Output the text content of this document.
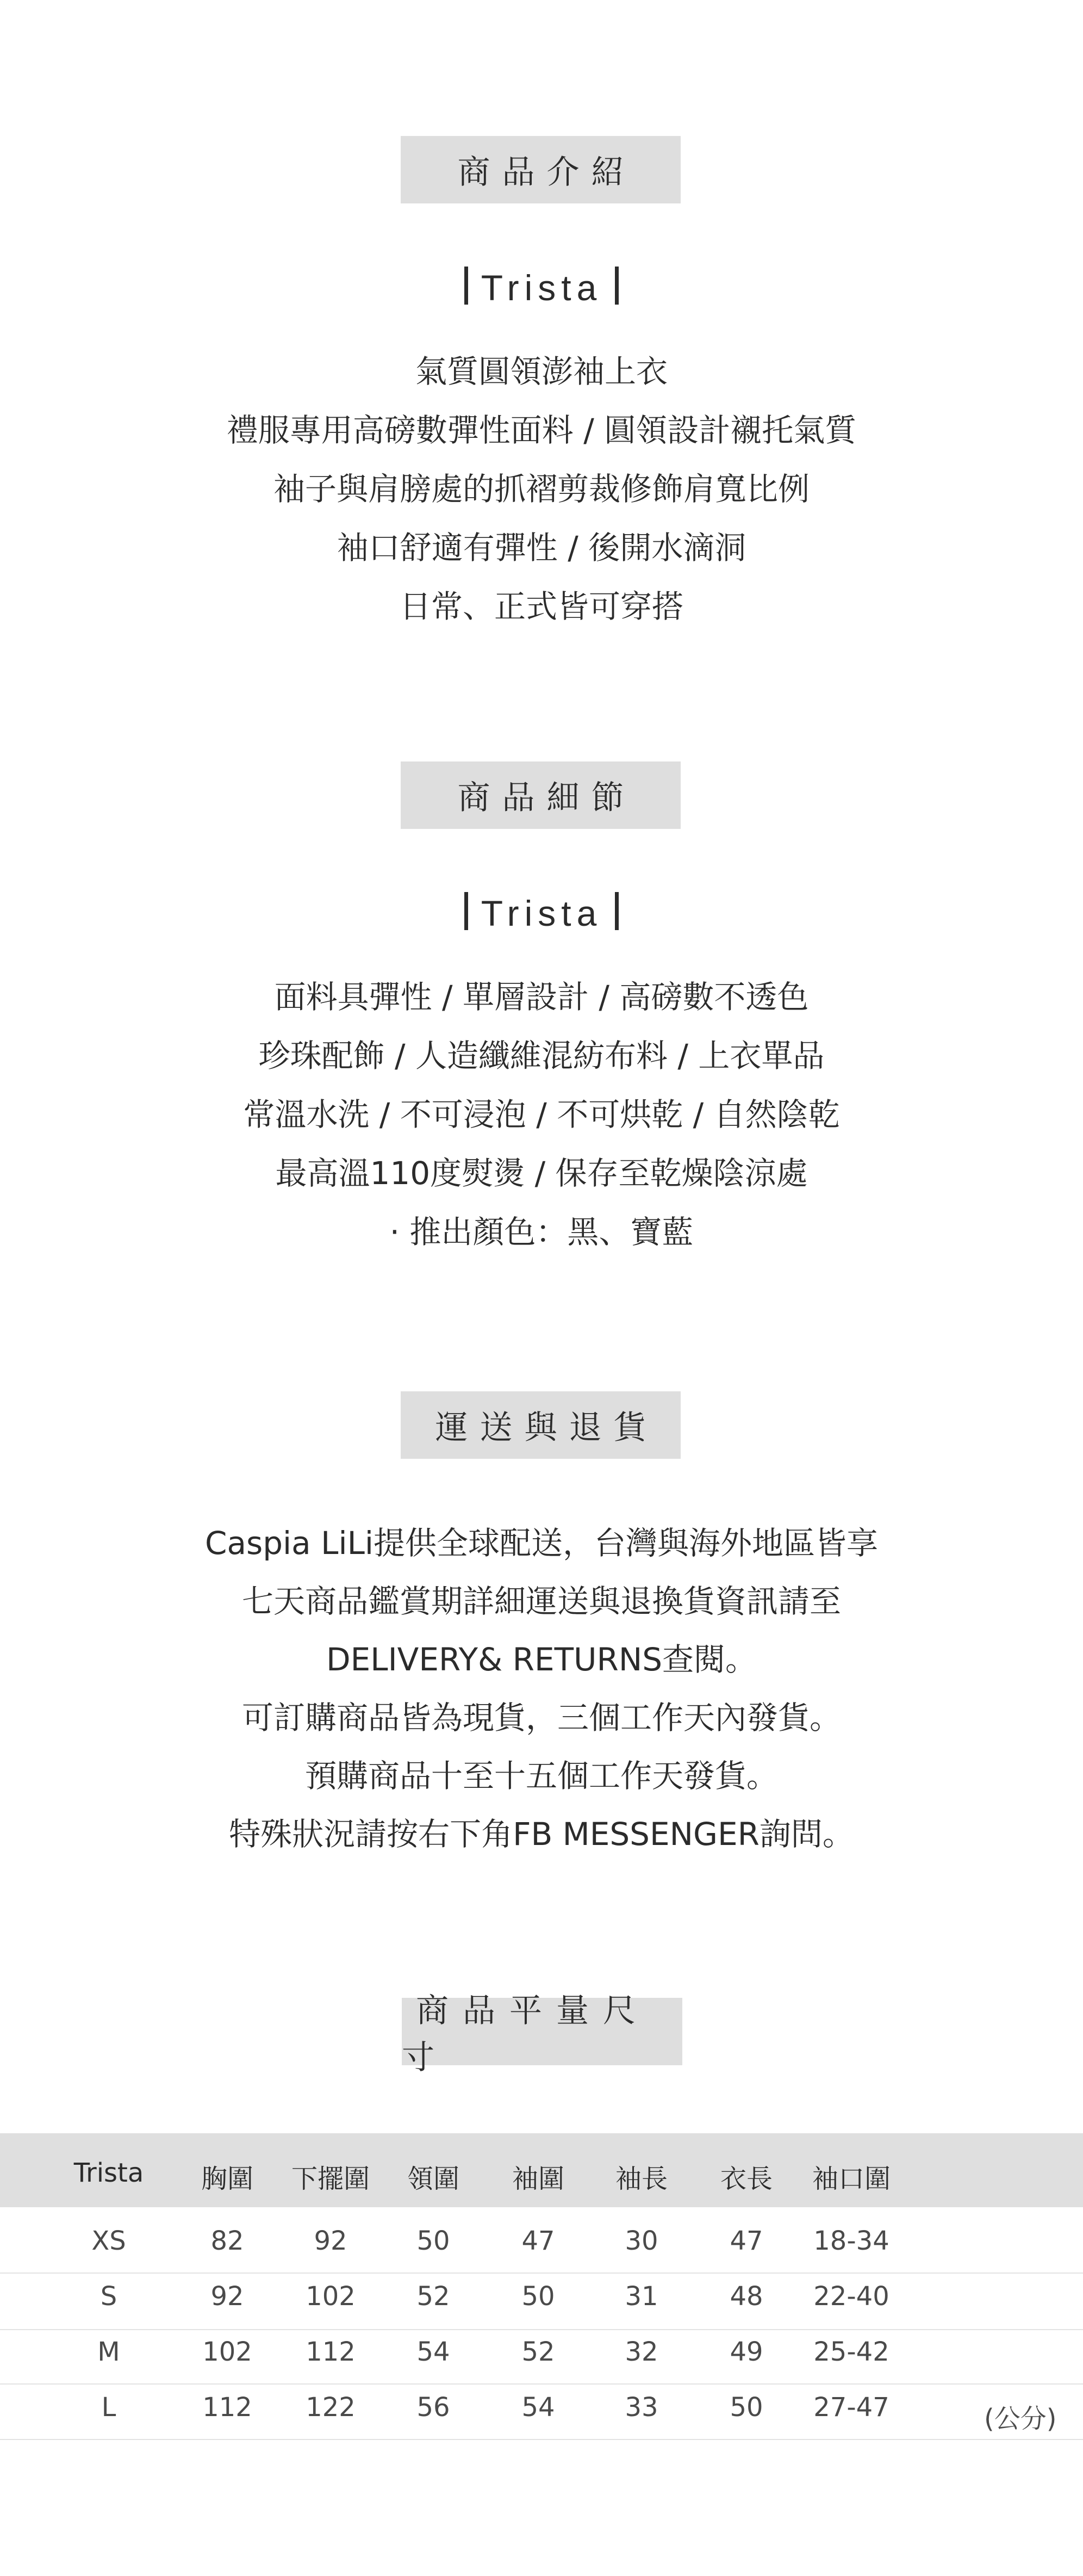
商品介紹
Trista
氣質圓領澎袖上衣
禮服專用高磅數彈性面料 / 圓領設計襯托氣質
袖子與肩膀處的抓褶剪裁修飾肩寬比例
袖口舒適有彈性 / 後開水滴洞
日常、正式皆可穿搭
商品細節
Trista
面料具彈性 / 單層設計 / 高磅數不透色
珍珠配飾 / 人造纖維混紡布料 / 上衣單品
常溫水洗 / 不可浸泡 / 不可烘乾 / 自然陰乾
最高溫110度熨燙 / 保存至乾燥陰涼處
· 推出顏色：黑、寶藍
運送與退貨
Caspia LiLi提供全球配送，台灣與海外地區皆享
七天商品鑑賞期詳細運送與退換貨資訊請至
DELIVERY& RETURNS查閱。
可訂購商品皆為現貨，三個工作天內發貨。
預購商品十至十五個工作天發貨。
特殊狀況請按右下角FB MESSENGER詢問。
商品平量尺寸
Trista 胸圍 下擺圍 領圍 袖圍 袖長 衣長 袖口圍
XS	82	92	50	47	30	47 18-34
S	92 102 52	50	31	48 22-40
M	102 112 54	52	32	49 25-42
L	112 122 56	54	33	50 27-47	(公分)
